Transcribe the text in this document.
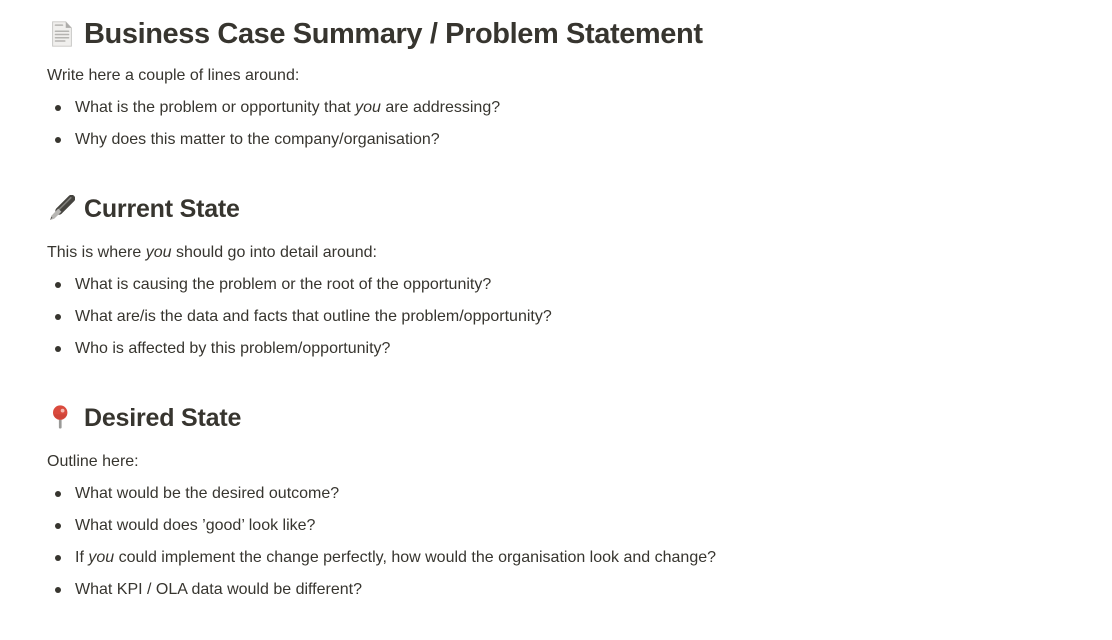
Business Case Summary / Problem Statement

Write here a couple of lines around:

What is the problem or opportunity that you are addressing?
Why does this matter to the company/organisation?
Current State

This is where you should go into detail around:

What is causing the problem or the root of the opportunity?
What are/is the data and facts that outline the problem/opportunity?
Who is affected by this problem/opportunity?
Desired State

Outline here:

What would be the desired outcome?
What would does ’good’ look like?
If you could implement the change perfectly, how would the organisation look and change?
What KPI / OLA data would be different?
